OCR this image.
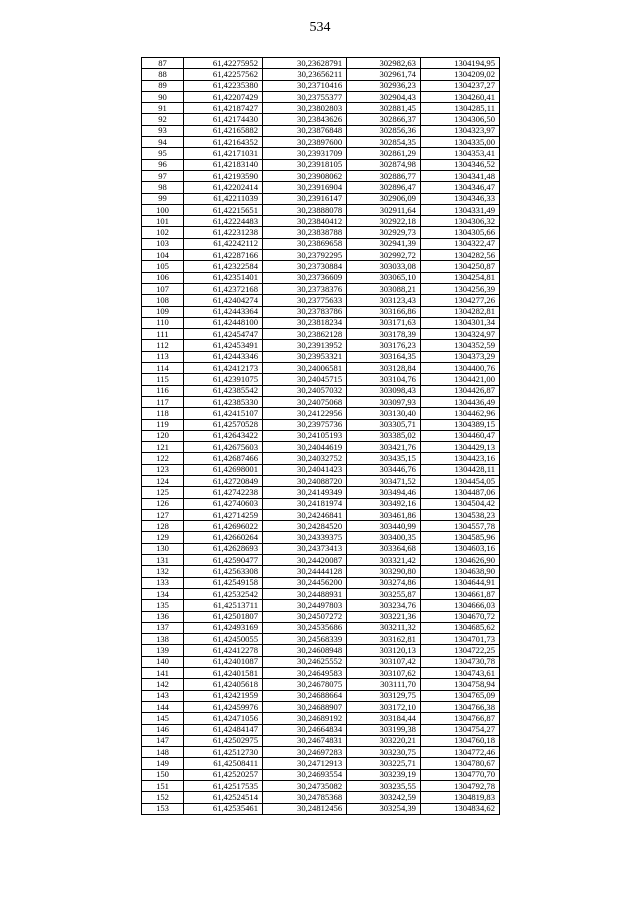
534
87	61,42275952	30,23628791	302982,63	1304194,95
88	61,42257562	30,23656211	302961,74	1304209,02
89	61,42235380	30,23710416	302936,23	1304237,27
90	61,42207429	30,23755377	302904,43	1304260,41
91	61,42187427	30,23802803	302881,45	1304285,11
92	61,42174430	30,23843626	302866,37	1304306,50
93	61,42165882	30,23876848	302856,36	1304323,97
94	61,42164352	30,23897600	302854,35	1304335,00
95	61,42171031	30,23931709	302861,29	1304353,41
96	61,42183140	30,23918105	302874,98	1304346,52
97	61,42193590	30,23908062	302886,77	1304341,48
98	61,42202414	30,23916904	302896,47	1304346,47
99	61,42211039	30,23916147	302906,09	1304346,33
100	61,42215651	30,23888078	302911,64	1304331,49
101	61,42224483	30,23840412	302922,18	1304306,32
102	61,42231238	30,23838788	302929,73	1304305,66
103	61,42242112	30,23869658	302941,39	1304322,47
104	61,42287166	30,23792295	302992,72	1304282,56
105	61,42322584	30,23730884	303033,08	1304250,87
106	61,42351401	30,23736609	303065,10	1304254,81
107	61,42372168	30,23738376	303088,21	1304256,39
108	61,42404274	30,23775633	303123,43	1304277,26
109	61,42443364	30,23783786	303166,86	1304282,81
110	61,42448100	30,23818234	303171,63	1304301,34
111	61,42454747	30,23862128	303178,39	1304324,97
112	61,42453491	30,23913952	303176,23	1304352,59
113	61,42443346	30,23953321	303164,35	1304373,29
114	61,42412173	30,24006581	303128,84	1304400,76
115	61,42391075	30,24045715	303104,76	1304421,00
116	61,42385542	30,24057032	303098,43	1304426,87
117	61,42385330	30,24075068	303097,93	1304436,49
118	61,42415107	30,24122956	303130,40	1304462,96
119	61,42570528	30,23975736	303305,71	1304389,15
120	61,42643422	30,24105193	303385,02	1304460,47
121	61,42675603	30,24044619	303421,76	1304429,13
122	61,42687466	30,24032752	303435,15	1304423,16
123	61,42698001	30,24041423	303446,76	1304428,11
124	61,42720849	30,24088720	303471,52	1304454,05
125	61,42742238	30,24149349	303494,46	1304487,06
126	61,42740603	30,24181974	303492,16	1304504,42
127	61,42714259	30,24246841	303461,86	1304538,23
128	61,42696022	30,24284520	303440,99	1304557,78
129	61,42660264	30,24339375	303400,35	1304585,96
130	61,42628693	30,24373413	303364,68	1304603,16
131	61,42590477	30,24420087	303321,42	1304626,90
132	61,42563308	30,24444128	303290,80	1304638,90
133	61,42549158	30,24456200	303274,86	1304644,91
134	61,42532542	30,24488931	303255,87	1304661,87
135	61,42513711	30,24497803	303234,76	1304666,03
136	61,42501807	30,24507272	303221,36	1304670,72
137	61,42493169	30,24535686	303211,32	1304685,62
138	61,42450055	30,24568339	303162,81	1304701,73
139	61,42412278	30,24608948	303120,13	1304722,25
140	61,42401087	30,24625552	303107,42	1304730,78
141	61,42401581	30,24649583	303107,62	1304743,61
142	61,42405618	30,24678075	303111,70	1304758,94
143	61,42421959	30,24688664	303129,75	1304765,09
144	61,42459976	30,24688907	303172,10	1304766,38
145	61,42471056	30,24689192	303184,44	1304766,87
146	61,42484147	30,24664834	303199,38	1304754,27
147	61,42502975	30,24674831	303220,21	1304760,18
148	61,42512730	30,24697283	303230,75	1304772,46
149	61,42508411	30,24712913	303225,71	1304780,67
150	61,42520257	30,24693554	303239,19	1304770,70
151	61,42517535	30,24735082	303235,55	1304792,78
152	61,42524514	30,24785368	303242,59	1304819,83
153	61,42535461	30,24812456	303254,39	1304834,62
